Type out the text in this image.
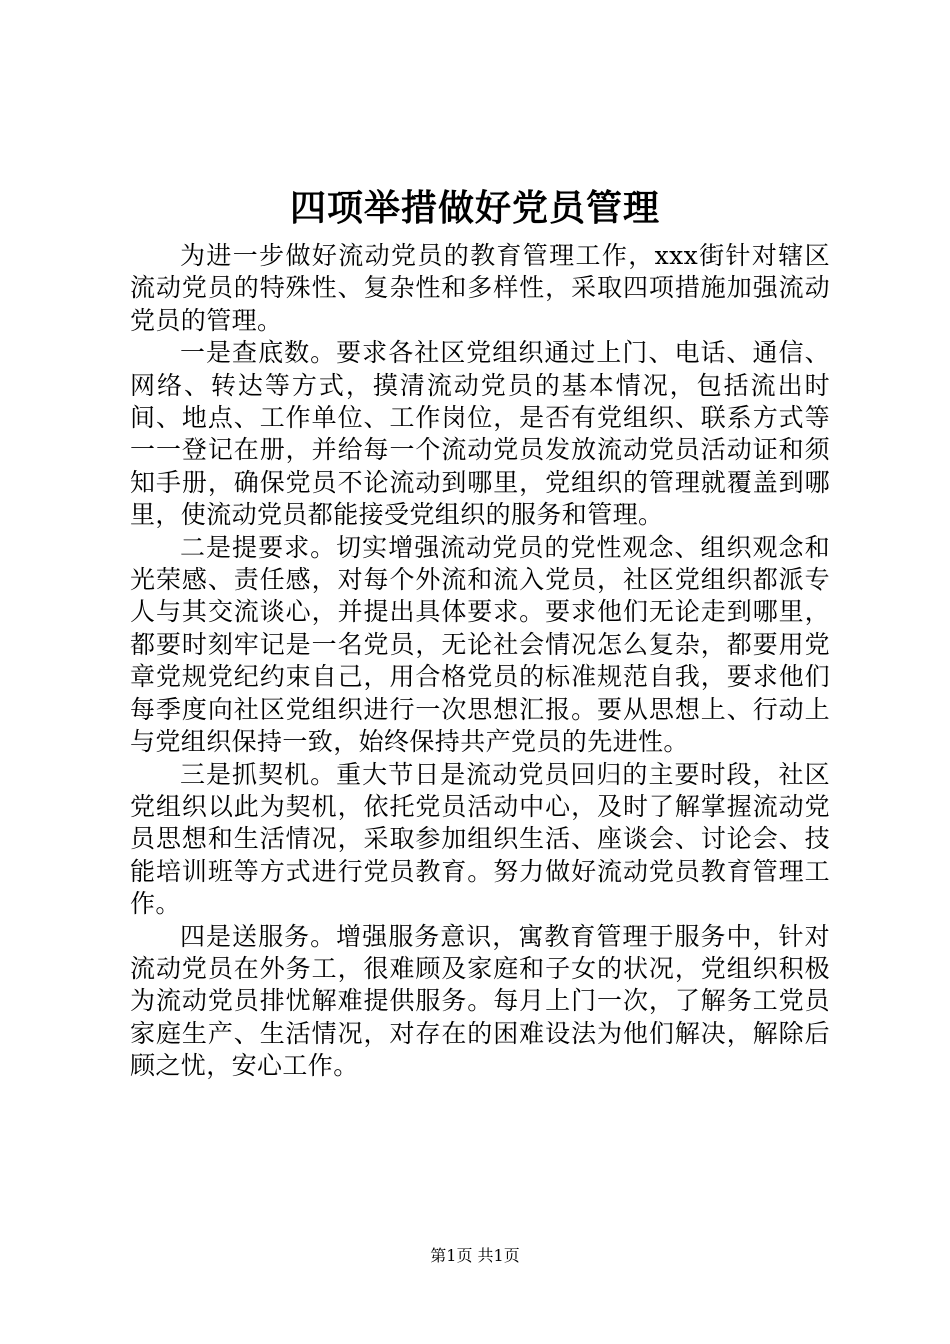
四项举措做好党员管理

为进一步做好流动党员的教育管理工作，xxx街针对辖区流动党员的特殊性、复杂性和多样性，采取四项措施加强流动党员的管理。

一是查底数。要求各社区党组织通过上门、电话、通信、网络、转达等方式，摸清流动党员的基本情况，包括流出时间、地点、工作单位、工作岗位，是否有党组织、联系方式等一一登记在册，并给每一个流动党员发放流动党员活动证和须知手册，确保党员不论流动到哪里，党组织的管理就覆盖到哪里，使流动党员都能接受党组织的服务和管理。

二是提要求。切实增强流动党员的党性观念、组织观念和光荣感、责任感，对每个外流和流入党员，社区党组织都派专人与其交流谈心，并提出具体要求。要求他们无论走到哪里，都要时刻牢记是一名党员，无论社会情况怎么复杂，都要用党章党规党纪约束自己，用合格党员的标准规范自我，要求他们每季度向社区党组织进行一次思想汇报。要从思想上、行动上与党组织保持一致，始终保持共产党员的先进性。

三是抓契机。重大节日是流动党员回归的主要时段，社区党组织以此为契机，依托党员活动中心，及时了解掌握流动党员思想和生活情况，采取参加组织生活、座谈会、讨论会、技能培训班等方式进行党员教育。努力做好流动党员教育管理工作。

四是送服务。增强服务意识，寓教育管理于服务中，针对流动党员在外务工，很难顾及家庭和子女的状况，党组织积极为流动党员排忧解难提供服务。每月上门一次，了解务工党员家庭生产、生活情况，对存在的困难设法为他们解决，解除后顾之忧，安心工作。

第1页 共1页
